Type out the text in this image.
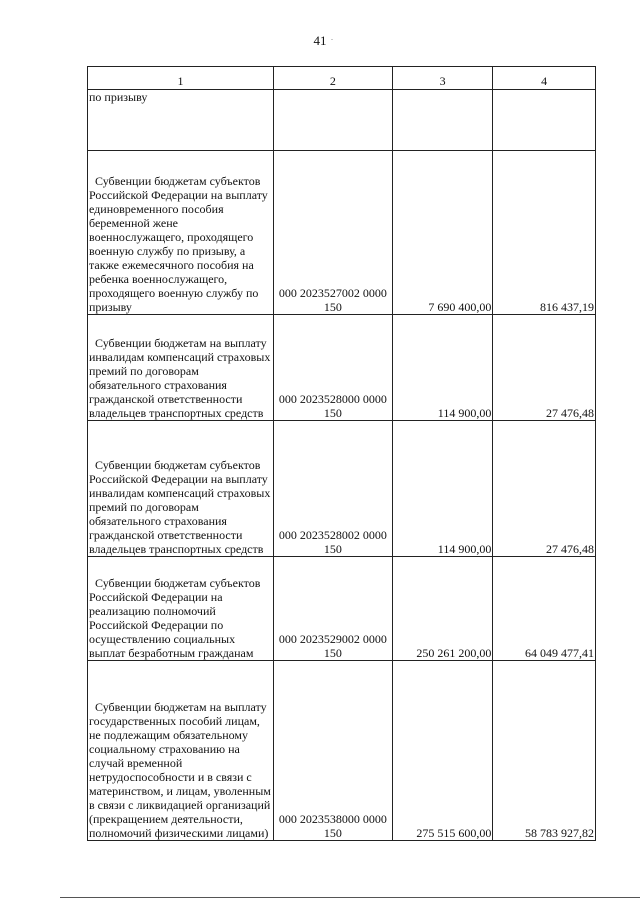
41 .
1	2	3	4
по призыву			

Субвенции бюджетам субъектов Российской Федерации на выплату единовременного пособия беременной жене военнослужащего, проходящего военную службу по призыву, а также ежемесячного пособия на ребенка военнослужащего, проходящего военную службу по призыву	000 2023527002 0000 150	7 690 400,00	816 437,19

Субвенции бюджетам на выплату инвалидам компенсаций страховых премий по договорам обязательного страхования гражданской ответственности владельцев транспортных средств	000 2023528000 0000 150	114 900,00	27 476,48

Субвенции бюджетам субъектов Российской Федерации на выплату инвалидам компенсаций страховых премий по договорам обязательного страхования гражданской ответственности владельцев транспортных средств	000 2023528002 0000 150	114 900,00	27 476,48

Субвенции бюджетам субъектов Российской Федерации на реализацию полномочий Российской Федерации по осуществлению социальных выплат безработным гражданам	000 2023529002 0000 150	250 261 200,00	64 049 477,41

Субвенции бюджетам на выплату государственных пособий лицам, не подлежащим обязательному социальному страхованию на случай временной нетрудоспособности и в связи с материнством, и лицам, уволенным в связи с ликвидацией организаций (прекращением деятельности, полномочий физическими лицами)	000 2023538000 0000 150	275 515 600,00	58 783 927,82
